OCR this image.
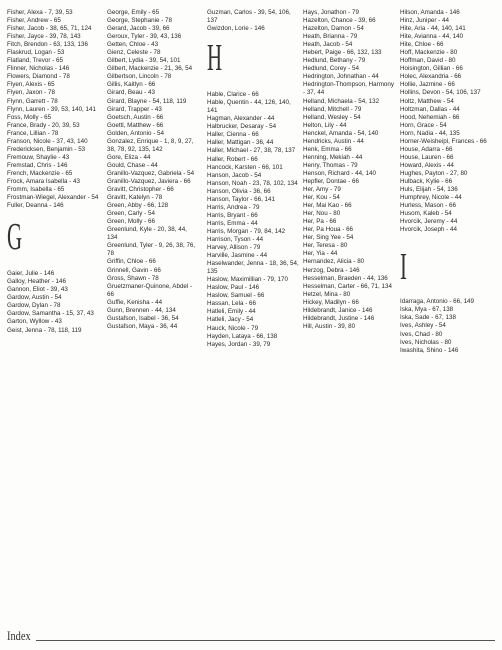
Fisher, Alexa - 7, 39, 53
Fisher, Andrew - 65
Fisher, Jacob - 38, 65, 71, 124
Fisher, Jayce - 39, 78, 143
Fitch, Brendon - 63, 133, 136
Flaskrud, Logan - 53
Flatland, Trevor - 65
Flinner, Nicholas - 146
Flowers, Diamond - 78
Flyen, Alexis - 65
Flyen, Jaxon - 78
Flynn, Garrett - 78
Flynn, Lauren - 39, 53, 140, 141
Foss, Molly - 65
France, Brady - 20, 39, 53
France, Lillian - 78
Franson, Nicole - 37, 43, 140
Fredericksen, Benjamin - 53
Fremouw, Shaylie - 43
Fremstad, Chris - 146
French, Mackenzie - 65
Frock, Amara Isabella - 43
Fromm, Isabella - 65
Frostman-Wiegel, Alexander - 54
Fuller, Deanna - 146
G
Gaier, Julie - 146
Galloy, Heather - 146
Gannon, Eliot - 39, 43
Gardow, Austin - 54
Gardow, Dylan - 78
Gardow, Samantha - 15, 37, 43
Garton, Wyllow - 43
Geist, Jenna - 78, 118, 119
George, Emily - 65
George, Stephanie - 78
Gerard, Jacob - 39, 66
Geroux, Tyler - 39, 43, 136
Getten, Chloe - 43
Gienz, Celeste - 78
Gilbert, Lydia - 39, 54, 101
Gilbert, Mackenzie - 21, 36, 54
Gilbertson, Lincoln - 78
Gillis, Kaitlyn - 66
Girard, Beau - 43
Girard, Blayne - 54, 118, 119
Girard, Trapper - 43
Goetsch, Austin - 66
Goettl, Matthew - 66
Golden, Antonio - 54
Gonzalez, Enrique - 1, 8, 9, 27, 38, 78, 92, 135, 142
Gore, Eliza - 44
Gould, Chase - 44
Granillo-Vazquez, Gabriela - 54
Granillo-Vazquez, Javiera - 66
Gravitt, Christopher - 66
Gravitt, Katelyn - 78
Green, Abby - 66, 128
Green, Carly - 54
Green, Molly - 66
Greenlund, Kyle - 20, 38, 44, 134
Greenlund, Tyler - 9, 26, 38, 76, 78
Griffin, Chloe - 66
Grinnell, Gavin - 66
Gross, Shawn - 78
Gruetzmaner-Quinone, Abdel - 66
Guffie, Kenisha - 44
Gunn, Brennen - 44, 134
Gustafson, Isabel - 36, 54
Gustafson, Maya - 36, 44
Guzman, Carlos - 39, 54, 106, 137
Gwizdon, Lorie - 146
H
Hable, Clarice - 66
Hable, Quentin - 44, 126, 140, 141
Hagman, Alexander - 44
Halbrucker, Desaray - 54
Haller, Cienna - 66
Haller, Mattigan - 36, 44
Haller, Michael - 27, 38, 78, 137
Haller, Robert - 66
Hancock, Karsten - 66, 101
Hanson, Jacob - 54
Hanson, Noah - 23, 78, 102, 134
Hanson, Olivia - 36, 66
Hanson, Taylor - 66, 141
Harris, Andrea - 79
Harris, Bryant - 66
Harris, Emma - 44
Harris, Morgan - 79, 84, 142
Harrison, Tyson - 44
Harvey, Allison - 79
Harville, Jasmine - 44
Haselwander, Jenna - 18, 36, 54, 135
Haslow, Maximillian - 79, 170
Haslow, Paul - 146
Haslow, Samuel - 66
Hassan, Lela - 66
Hatleli, Emily - 44
Hatleli, Jacy - 54
Hauck, Nicole - 79
Hayden, Lataya - 66, 138
Hayes, Jordan - 39, 79
Hays, Jonathon - 79
Hazelton, Chance - 39, 66
Hazelton, Damon - 54
Heath, Brianna - 79
Heath, Jacob - 54
Hebert, Paige - 66, 132, 133
Hedlund, Bethany - 79
Hedlund, Corey - 54
Hedrington, Johnathan - 44
Hedrington-Thompson, Harmony - 37, 44
Helland, Michaela - 54, 132
Helland, Mitchell - 79
Helland, Wesley - 54
Helton, Lily - 44
Henckel, Amanda - 54, 140
Hendricks, Austin - 44
Henk, Emma - 66
Henning, Mekiah - 44
Henry, Thomas - 79
Henson, Richard - 44, 140
Hepfler, Dontae - 66
Her, Amy - 79
Her, Kou - 54
Her, Mai Kao - 66
Her, Nou - 80
Her, Pa - 66
Her, Pa Houa - 66
Her, Sing Yee - 54
Her, Teresa - 80
Her, Yia - 44
Hernandez, Alicia - 80
Herzog, Debra - 146
Hesselman, Braeden - 44, 136
Hesselman, Carter - 66, 71, 134
Hetzel, Mina - 80
Hickey, Madilyn - 66
Hildebrandt, Janice - 146
Hildebrandt, Justine - 146
Hill, Austin - 39, 80
Hilson, Amanda - 146
Hinz, Juniper - 44
Hite, Aria - 44, 140, 141
Hite, Avianna - 44, 140
Hite, Chloe - 66
Hoff, Mackenzie - 80
Hoffman, David - 80
Hoisington, Gillian - 66
Holec, Alexandria - 66
Hollie, Jazmine - 66
Hollins, Devon - 54, 106, 137
Holtz, Matthew - 54
Holtzman, Dallas - 44
Hood, Nehemiah - 66
Horn, Grace - 54
Horn, Nadia - 44, 135
Horner-Weisheipl, Frances - 66
House, Adarra - 66
House, Lauren - 66
Howard, Alexis - 44
Hughes, Payton - 27, 80
Hulback, Kylie - 66
Huls, Elijah - 54, 136
Humphrey, Nicole - 44
Hurless, Mason - 66
Husom, Kaleb - 54
Hvorcik, Jeremy - 44
Hvorcik, Joseph - 44
I
Idarraga, Antonio - 66, 149
Iska, Mya - 67, 138
Iska, Sade - 67, 138
Ives, Ashley - 54
Ives, Chad - 80
Ives, Nicholas - 80
Iwashita, Shino - 146
Index
